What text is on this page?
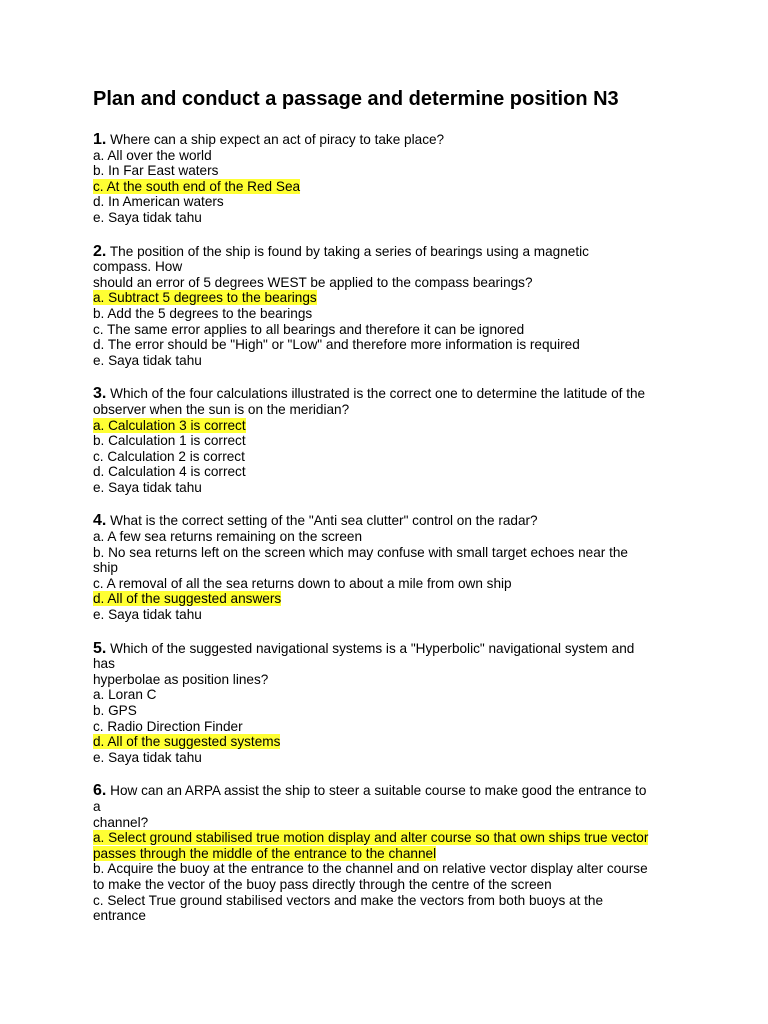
Plan and conduct a passage and determine position N3
1. Where can a ship expect an act of piracy to take place?
a. All over the world
b. In Far East waters
c. At the south end of the Red Sea
d. In American waters
e. Saya tidak tahu
2. The position of the ship is found by taking a series of bearings using a magnetic
compass. How
should an error of 5 degrees WEST be applied to the compass bearings?
a. Subtract 5 degrees to the bearings
b. Add the 5 degrees to the bearings
c. The same error applies to all bearings and therefore it can be ignored
d. The error should be "High" or "Low" and therefore more information is required
e. Saya tidak tahu
3. Which of the four calculations illustrated is the correct one to determine the latitude of the
observer when the sun is on the meridian?
a. Calculation 3 is correct
b. Calculation 1 is correct
c. Calculation 2 is correct
d. Calculation 4 is correct
e. Saya tidak tahu
4. What is the correct setting of the "Anti sea clutter" control on the radar?
a. A few sea returns remaining on the screen
b. No sea returns left on the screen which may confuse with small target echoes near the
ship
c. A removal of all the sea returns down to about a mile from own ship
d. All of the suggested answers
e. Saya tidak tahu
5. Which of the suggested navigational systems is a "Hyperbolic" navigational system and
has
hyperbolae as position lines?
a. Loran C
b. GPS
c. Radio Direction Finder
d. All of the suggested systems
e. Saya tidak tahu
6. How can an ARPA assist the ship to steer a suitable course to make good the entrance to
a
channel?
a. Select ground stabilised true motion display and alter course so that own ships true vector
passes through the middle of the entrance to the channel
b. Acquire the buoy at the entrance to the channel and on relative vector display alter course
to make the vector of the buoy pass directly through the centre of the screen
c. Select True ground stabilised vectors and make the vectors from both buoys at the
entrance
